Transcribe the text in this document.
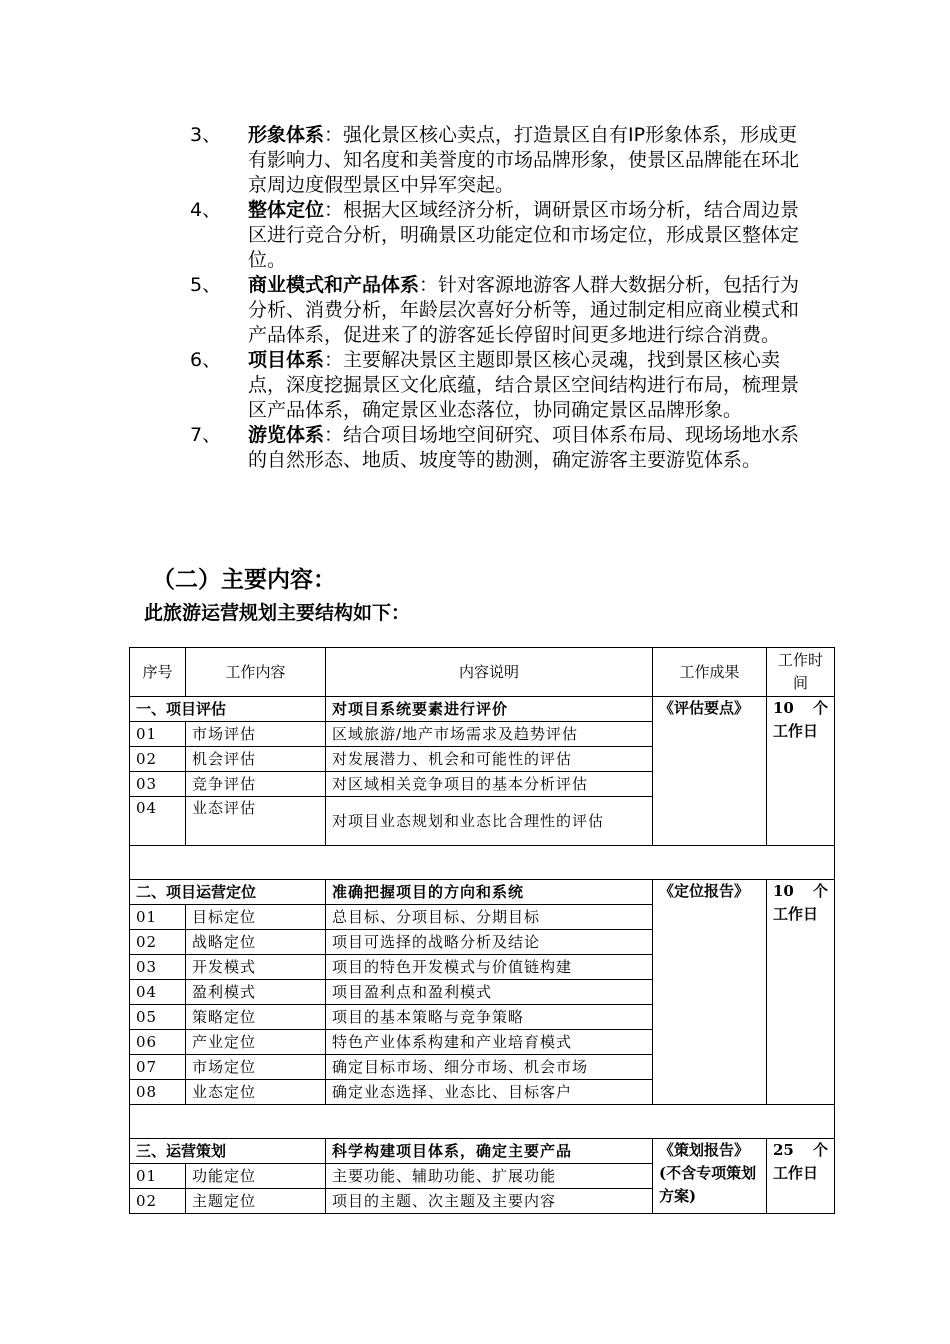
3、 形象体系：强化景区核心卖点，打造景区自有IP形象体系，形成更有影响力、知名度和美誉度的市场品牌形象，使景区品牌能在环北京周边度假型景区中异军突起。
4、 整体定位：根据大区域经济分析，调研景区市场分析，结合周边景区进行竞合分析，明确景区功能定位和市场定位，形成景区整体定位。
5、 商业模式和产品体系：针对客源地游客人群大数据分析，包括行为分析、消费分析，年龄层次喜好分析等，通过制定相应商业模式和产品体系，促进来了的游客延长停留时间更多地进行综合消费。
6、 项目体系：主要解决景区主题即景区核心灵魂，找到景区核心卖点，深度挖掘景区文化底蕴，结合景区空间结构进行布局，梳理景区产品体系，确定景区业态落位，协同确定景区品牌形象。
7、 游览体系：结合项目场地空间研究、项目体系布局、现场场地水系的自然形态、地质、坡度等的勘测，确定游客主要游览体系。
（二）主要内容：
此旅游运营规划主要结构如下：
序号	工作内容	内容说明	工作成果	工作时间
一、项目评估		对项目系统要素进行评价	《评估要点》	10 个工作日
01	市场评估	区域旅游/地产市场需求及趋势评估		
02	机会评估	对发展潜力、机会和可能性的评估		
03	竞争评估	对区域相关竞争项目的基本分析评估		
04	业态评估	对项目业态规划和业态比合理性的评估		

二、项目运营定位		准确把握项目的方向和系统	《定位报告》	10 个工作日
01	目标定位	总目标、分项目标、分期目标		
02	战略定位	项目可选择的战略分析及结论		
03	开发模式	项目的特色开发模式与价值链构建		
04	盈利模式	项目盈利点和盈利模式		
05	策略定位	项目的基本策略与竞争策略		
06	产业定位	特色产业体系构建和产业培育模式		
07	市场定位	确定目标市场、细分市场、机会市场		
08	业态定位	确定业态选择、业态比、目标客户		

三、运营策划		科学构建项目体系，确定主要产品	《策划报告》(不含专项策划方案)	25 个工作日
01	功能定位	主要功能、辅助功能、扩展功能		
02	主题定位	项目的主题、次主题及主要内容		
